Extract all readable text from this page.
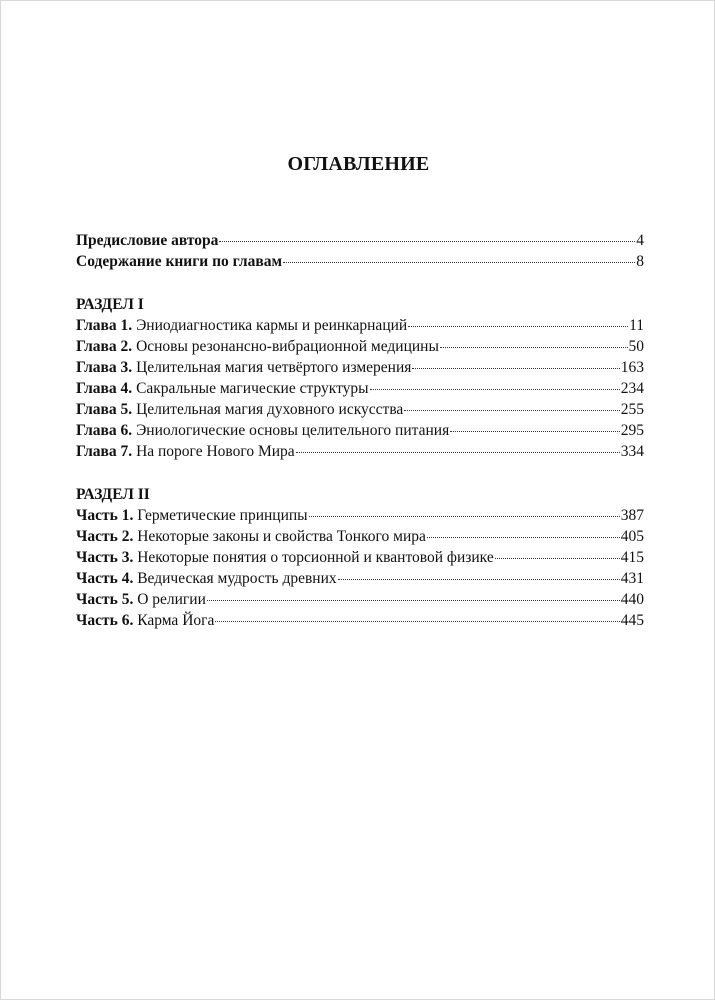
ОГЛАВЛЕНИЕ
Предисловие автора	4
Содержание книги по главам	8
РАЗДЕЛ I
Глава 1. Эниодиагностика кармы и реинкарнаций	11
Глава 2. Основы резонансно-вибрационной медицины	50
Глава 3. Целительная магия четвёртого измерения	163
Глава 4. Сакральные магические структуры	234
Глава 5. Целительная магия духовного искусства	255
Глава 6. Эниологические основы целительного питания	295
Глава 7. На пороге Нового Мира	334
РАЗДЕЛ II
Часть 1. Герметические принципы	387
Часть 2. Некоторые законы и свойства Тонкого мира	405
Часть 3. Некоторые понятия о торсионной и квантовой физике	415
Часть 4. Ведическая мудрость древних	431
Часть 5. О религии	440
Часть 6. Карма Йога	445
